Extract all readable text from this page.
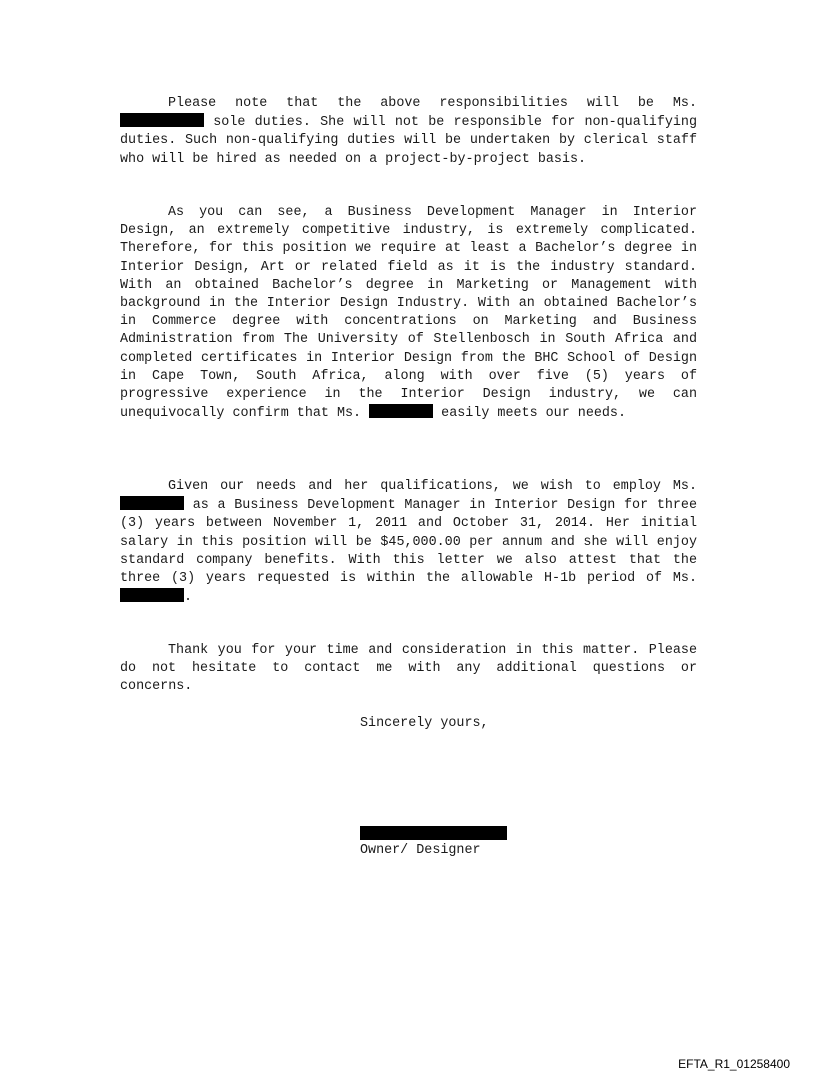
Please note that the above responsibilities will be Ms.  sole duties. She will not be responsible for non-qualifying duties. Such non-qualifying duties will be undertaken by clerical staff who will be hired as needed on a project-by-project basis.

As you can see, a Business Development Manager in Interior Design, an extremely competitive industry, is extremely complicated. Therefore, for this position we require at least a Bachelor’s degree in Interior Design, Art or related field as it is the industry standard. With an obtained Bachelor’s degree in Marketing or Management with background in the Interior Design Industry. With an obtained Bachelor’s in Commerce degree with concentrations on Marketing and Business Administration from The University of Stellenbosch in South Africa and completed certificates in Interior Design from the BHC School of Design in Cape Town, South Africa, along with over five (5) years of progressive experience in the Interior Design industry, we can unequivocally confirm that Ms.	easily meets our needs.

Given our needs and her qualifications, we wish to employ Ms.  as a Business Development Manager in Interior Design for three (3) years between November 1, 2011 and October 31, 2014. Her initial salary in this position will be $45,000.00 per annum and she will enjoy standard company benefits. With this letter we also attest that the three (3) years requested is within the allowable H-1b period of Ms. .

Thank you for your time and consideration in this matter. Please do not hesitate to contact me with any additional questions or concerns.

Sincerely yours,
Owner/ Designer
EFTA_R1_01258400
